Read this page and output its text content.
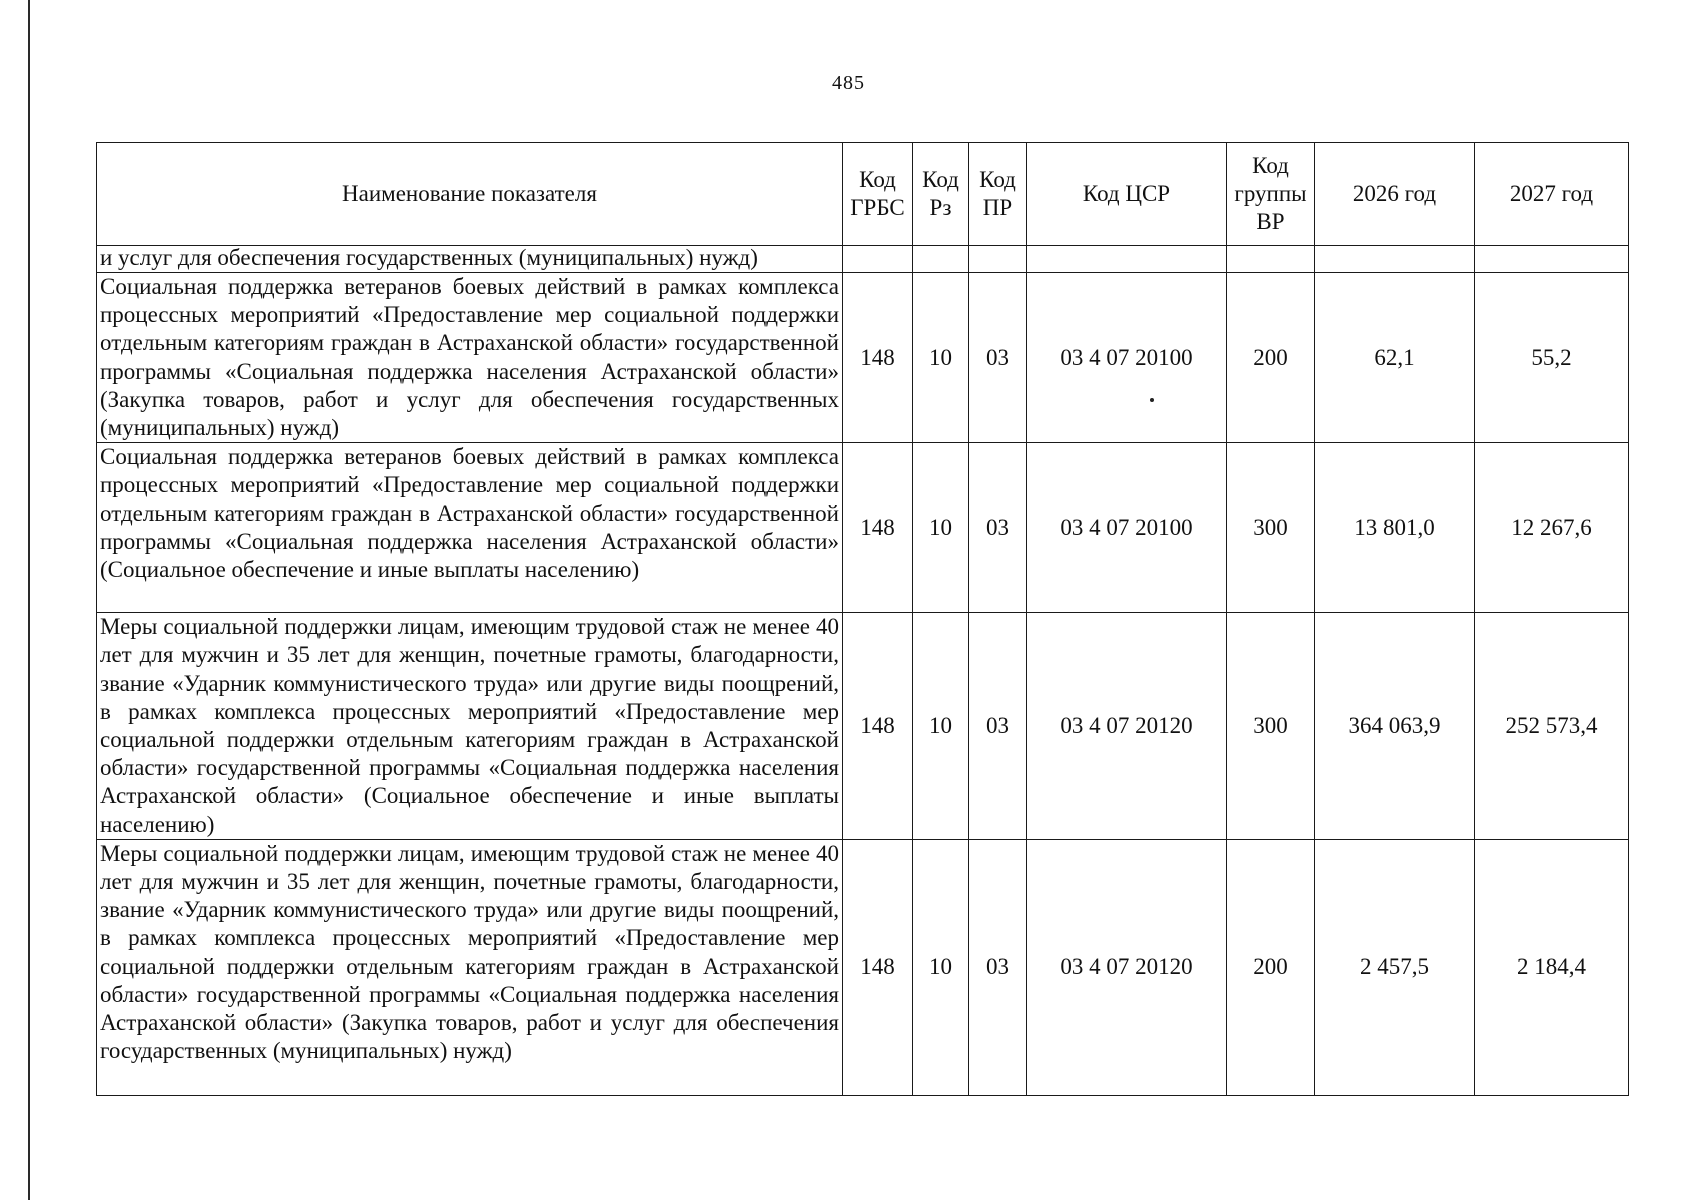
485
Наименование показателя	Код ГРБС	Код Рз	Код ПР	Код ЦСР	Код группы ВР	2026 год	2027 год
и услуг для обеспечения государственных (муниципальных) нужд)							
Социальная поддержка ветеранов боевых действий в рамках комплекса процессных мероприятий «Предоставление мер социальной поддержки отдельным категориям граждан в Астраханской области» государственной программы «Социальная поддержка населения Астраханской области» (Закупка товаров, работ и услуг для обеспечения государственных (муниципальных) нужд)	148	10	03	03 4 07 20100	200	62,1	55,2
Социальная поддержка ветеранов боевых действий в рамках комплекса процессных мероприятий «Предоставление мер социальной поддержки отдельным категориям граждан в Астраханской области» государственной программы «Социальная поддержка населения Астраханской области» (Социальное обеспечение и иные выплаты населению)	148	10	03	03 4 07 20100	300	13 801,0	12 267,6
Меры социальной поддержки лицам, имеющим трудовой стаж не менее 40 лет для мужчин и 35 лет для женщин, почетные грамоты, благодарности, звание «Ударник коммунистического труда» или другие виды поощрений, в рамках комплекса процессных мероприятий «Предоставление мер социальной поддержки отдельным категориям граждан в Астраханской области» государственной программы «Социальная поддержка населения Астраханской области» (Социальное обеспечение и иные выплаты населению)	148	10	03	03 4 07 20120	300	364 063,9	252 573,4
Меры социальной поддержки лицам, имеющим трудовой стаж не менее 40 лет для мужчин и 35 лет для женщин, почетные грамоты, благодарности, звание «Ударник коммунистического труда» или другие виды поощрений, в рамках комплекса процессных мероприятий «Предоставление мер социальной поддержки отдельным категориям граждан в Астраханской области» государственной программы «Социальная поддержка населения Астраханской области» (Закупка товаров, работ и услуг для обеспечения государственных (муниципальных) нужд)	148	10	03	03 4 07 20120	200	2 457,5	2 184,4
